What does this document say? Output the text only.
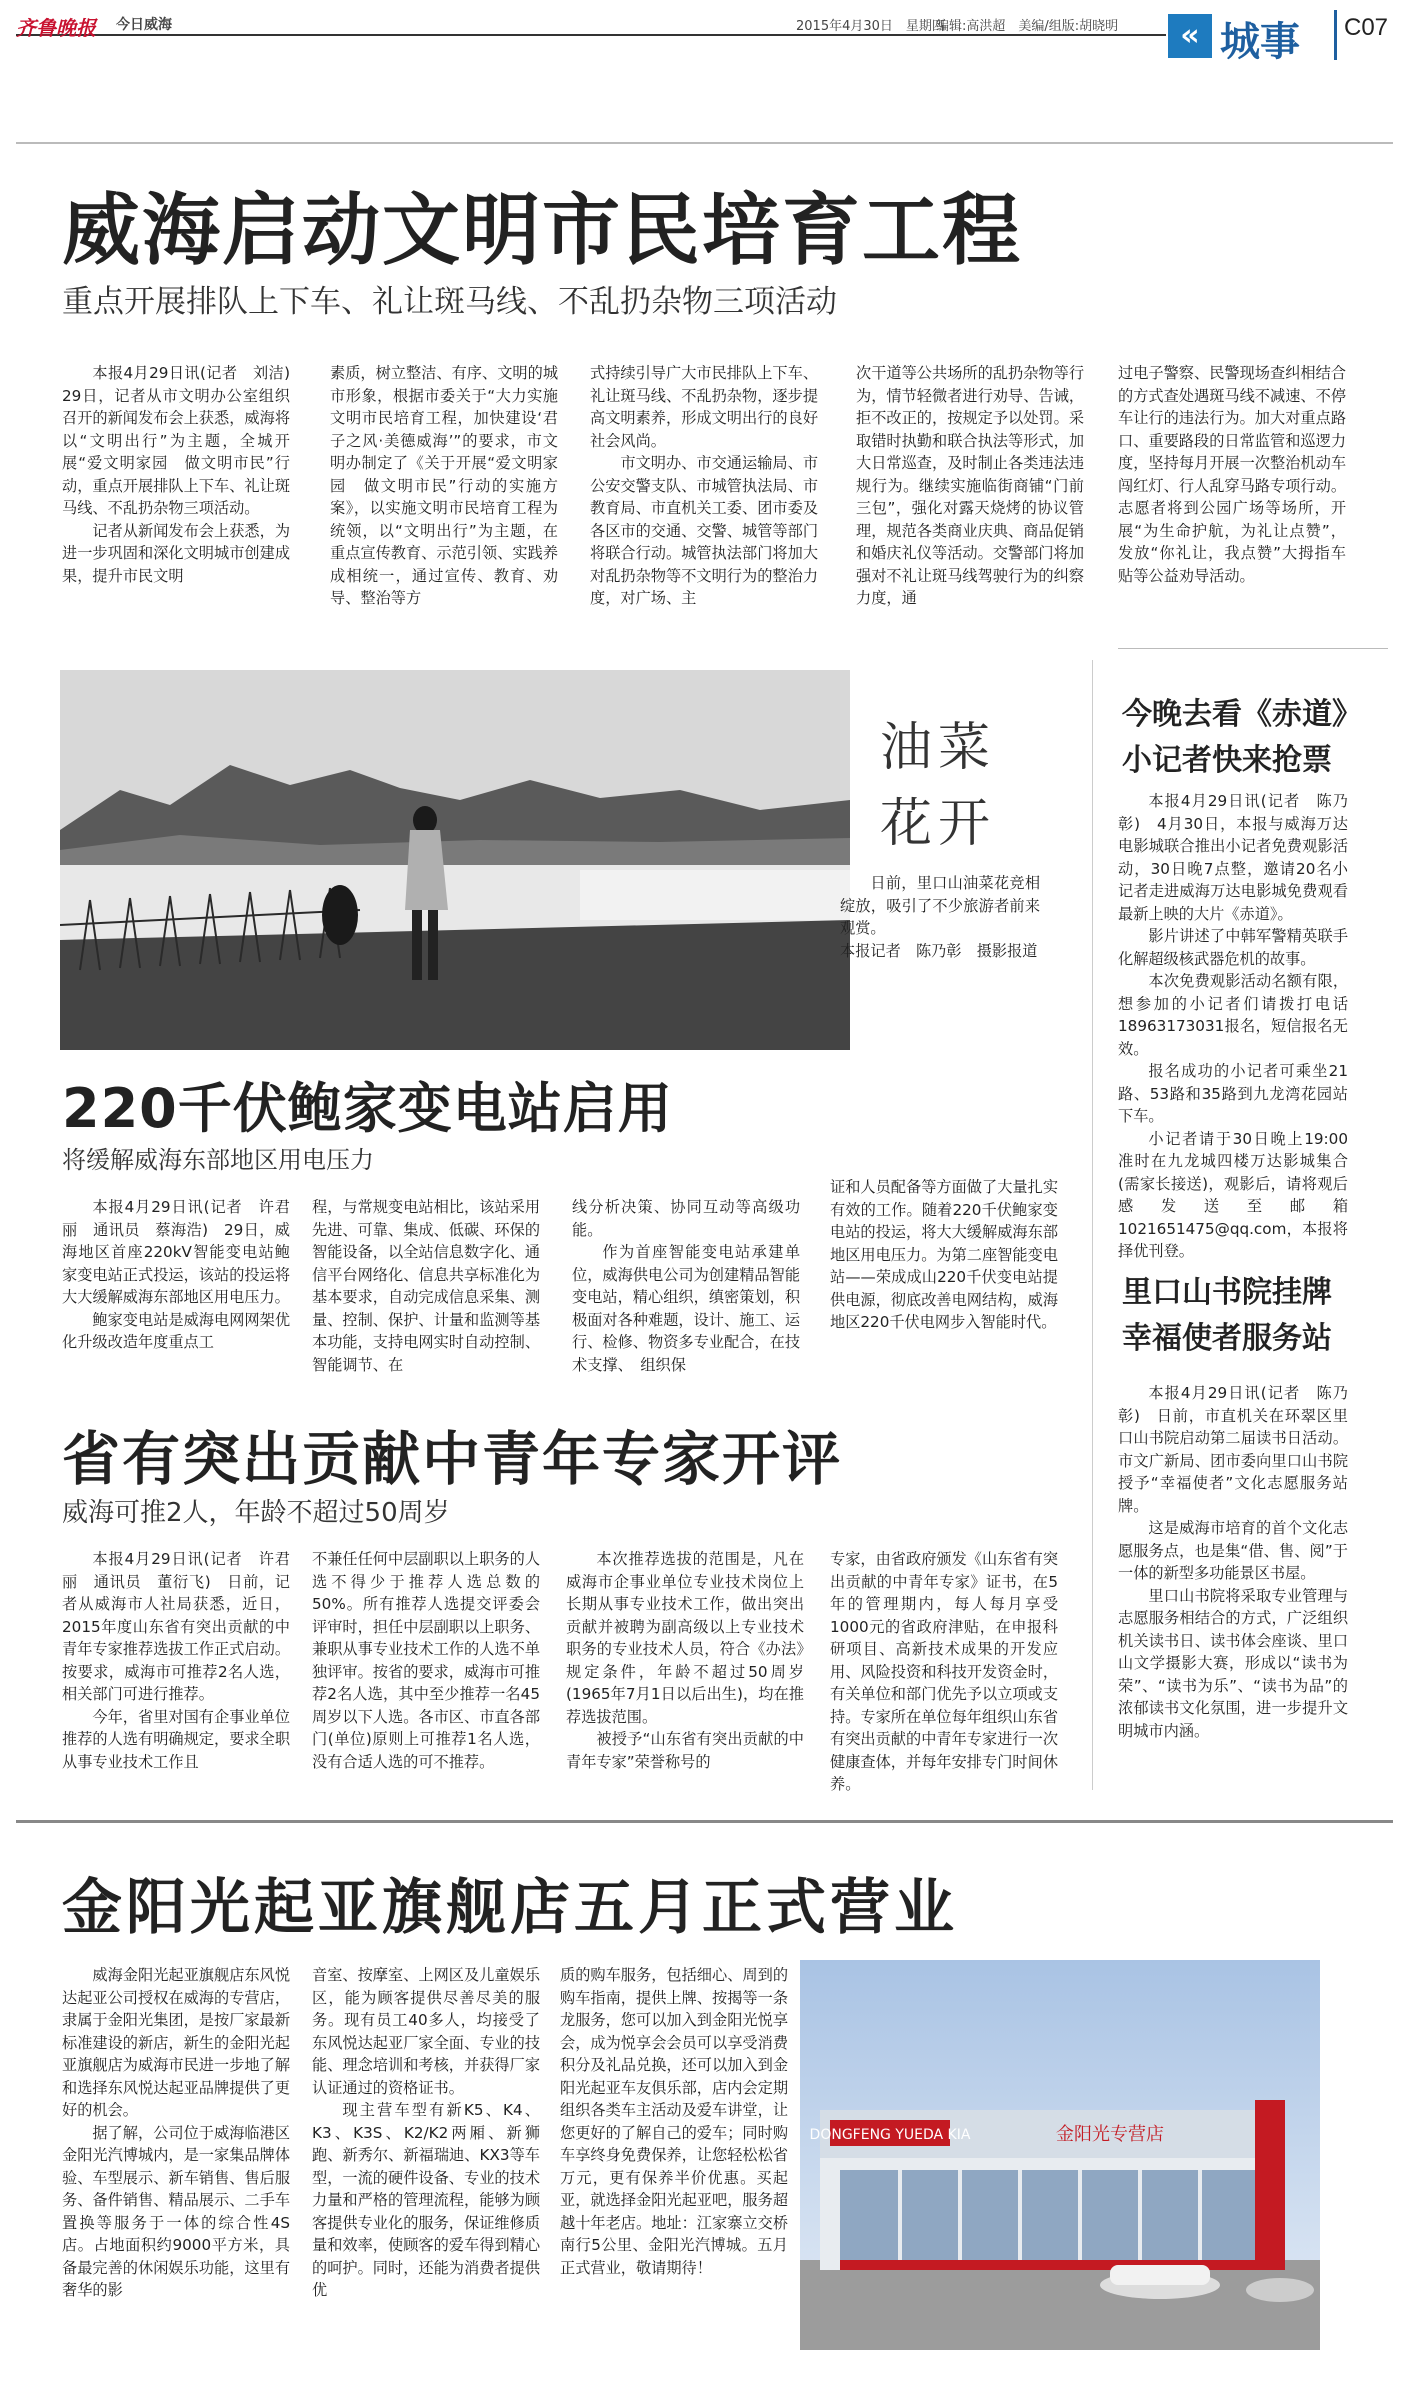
齐鲁晚报 今日威海	2015年4月30日　星期四
编辑:高洪超　美编/组版:胡晓明	« 城事 C07
威海启动文明市民培育工程
重点开展排队上下车、礼让斑马线、不乱扔杂物三项活动

本报4月29日讯(记者　刘洁)　29日，记者从市文明办公室组织召开的新闻发布会上获悉，威海将以“文明出行”为主题，全城开展“爱文明家园　做文明市民”行动，重点开展排队上下车、礼让斑马线、不乱扔杂物三项活动。

记者从新闻发布会上获悉，为进一步巩固和深化文明城市创建成果，提升市民文明

素质，树立整洁、有序、文明的城市形象，根据市委关于“大力实施文明市民培育工程，加快建设‘君子之风·美德威海’”的要求，市文明办制定了《关于开展“爱文明家园　做文明市民”行动的实施方案》，以实施文明市民培育工程为统领，以“文明出行”为主题，在重点宣传教育、示范引领、实践养成相统一，通过宣传、教育、劝导、整治等方

式持续引导广大市民排队上下车、礼让斑马线、不乱扔杂物，逐步提高文明素养，形成文明出行的良好社会风尚。

市文明办、市交通运输局、市公安交警支队、市城管执法局、市教育局、市直机关工委、团市委及各区市的交通、交警、城管等部门将联合行动。城管执法部门将加大对乱扔杂物等不文明行为的整治力度，对广场、主

次干道等公共场所的乱扔杂物等行为，情节轻微者进行劝导、告诫，拒不改正的，按规定予以处罚。采取错时执勤和联合执法等形式，加大日常巡查，及时制止各类违法违规行为。继续实施临街商铺“门前三包”，强化对露天烧烤的协议管理，规范各类商业庆典、商品促销和婚庆礼仪等活动。交警部门将加强对不礼让斑马线驾驶行为的纠察力度，通

过电子警察、民警现场查纠相结合的方式查处遇斑马线不减速、不停车让行的违法行为。加大对重点路口、重要路段的日常监管和巡逻力度，坚持每月开展一次整治机动车闯红灯、行人乱穿马路专项行动。志愿者将到公园广场等场所，开展“为生命护航，为礼让点赞”，发放“你礼让，我点赞”大拇指车贴等公益劝导活动。

油菜
花开

日前，里口山油菜花竞相绽放，吸引了不少旅游者前来观赏。

本报记者　陈乃彰　摄影报道

今晚去看《赤道》
小记者快来抢票

本报4月29日讯(记者　陈乃彰)　4月30日，本报与威海万达电影城联合推出小记者免费观影活动，30日晚7点整，邀请20名小记者走进威海万达电影城免费观看最新上映的大片《赤道》。

影片讲述了中韩军警精英联手化解超级核武器危机的故事。

本次免费观影活动名额有限，想参加的小记者们请拨打电话18963173031报名，短信报名无效。

报名成功的小记者可乘坐21路、53路和35路到九龙湾花园站下车。

小记者请于30日晚上19:00准时在九龙城四楼万达影城集合(需家长接送)，观影后，请将观后感发送至邮箱1021651475@qq.com，本报将择优刊登。

220千伏鲍家变电站启用
将缓解威海东部地区用电压力

本报4月29日讯(记者　许君丽　通讯员　蔡海浩)　29日，威海地区首座220kV智能变电站鲍家变电站正式投运，该站的投运将大大缓解威海东部地区用电压力。

鲍家变电站是威海电网网架优化升级改造年度重点工

程，与常规变电站相比，该站采用先进、可靠、集成、低碳、环保的智能设备，以全站信息数字化、通信平台网络化、信息共享标准化为基本要求，自动完成信息采集、测量、控制、保护、计量和监测等基本功能，支持电网实时自动控制、智能调节、在

线分析决策、协同互动等高级功能。

作为首座智能变电站承建单位，威海供电公司为创建精品智能变电站，精心组织，缜密策划，积极面对各种难题，设计、施工、运行、检修、物资多专业配合，在技术支撑、　组织保

证和人员配备等方面做了大量扎实有效的工作。随着220千伏鲍家变电站的投运，将大大缓解威海东部地区用电压力。为第二座智能变电站——荣成成山220千伏变电站提供电源，彻底改善电网结构，威海地区220千伏电网步入智能时代。

里口山书院挂牌
幸福使者服务站

本报4月29日讯(记者　陈乃彰)　日前，市直机关在环翠区里口山书院启动第二届读书日活动。市文广新局、团市委向里口山书院授予“幸福使者”文化志愿服务站牌。

这是威海市培育的首个文化志愿服务点，也是集“借、售、阅”于一体的新型多功能景区书屋。

里口山书院将采取专业管理与志愿服务相结合的方式，广泛组织机关读书日、读书体会座谈、里口山文学摄影大赛，形成以“读书为荣”、“读书为乐”、“读书为品”的浓郁读书文化氛围，进一步提升文明城市内涵。

省有突出贡献中青年专家开评
威海可推2人，年龄不超过50周岁

本报4月29日讯(记者　许君丽　通讯员　董衍飞)　日前，记者从威海市人社局获悉，近日，2015年度山东省有突出贡献的中青年专家推荐选拔工作正式启动。按要求，威海市可推荐2名人选，相关部门可进行推荐。

今年，省里对国有企事业单位推荐的人选有明确规定，要求全职从事专业技术工作且

不兼任任何中层副职以上职务的人选不得少于推荐人选总数的50%。所有推荐人选提交评委会评审时，担任中层副职以上职务、兼职从事专业技术工作的人选不单独评审。按省的要求，威海市可推荐2名人选，其中至少推荐一名45周岁以下人选。各市区、市直各部门(单位)原则上可推荐1名人选，没有合适人选的可不推荐。

本次推荐选拔的范围是，凡在威海市企事业单位专业技术岗位上长期从事专业技术工作，做出突出贡献并被聘为副高级以上专业技术职务的专业技术人员，符合《办法》规定条件，年龄不超过50周岁(1965年7月1日以后出生)，均在推荐选拔范围。

被授予“山东省有突出贡献的中青年专家”荣誉称号的

专家，由省政府颁发《山东省有突出贡献的中青年专家》证书，在5年的管理期内，每人每月享受1000元的省政府津贴，在申报科研项目、高新技术成果的开发应用、风险投资和科技开发资金时，有关单位和部门优先予以立项或支持。专家所在单位每年组织山东省有突出贡献的中青年专家进行一次健康查体，并每年安排专门时间休养。

金阳光起亚旗舰店五月正式营业

威海金阳光起亚旗舰店东风悦达起亚公司授权在威海的专营店，隶属于金阳光集团，是按厂家最新标准建设的新店，新生的金阳光起亚旗舰店为威海市民进一步地了解和选择东风悦达起亚品牌提供了更好的机会。

据了解，公司位于威海临港区金阳光汽博城内，是一家集品牌体验、车型展示、新车销售、售后服务、备件销售、精品展示、二手车置换等服务于一体的综合性4S店。占地面积约9000平方米，具备最完善的休闲娱乐功能，这里有奢华的影

音室、按摩室、上网区及儿童娱乐区，能为顾客提供尽善尽美的服务。现有员工40多人，均接受了东风悦达起亚厂家全面、专业的技能、理念培训和考核，并获得厂家认证通过的资格证书。

现主营车型有新K5、K4、K3、K3S、K2/K2两厢、新狮跑、新秀尔、新福瑞迪、KX3等车型，一流的硬件设备、专业的技术力量和严格的管理流程，能够为顾客提供专业化的服务，保证维修质量和效率，使顾客的爱车得到精心的呵护。同时，还能为消费者提供优

质的购车服务，包括细心、周到的购车指南，提供上牌、按揭等一条龙服务，您可以加入到金阳光悦享会，成为悦享会会员可以享受消费积分及礼品兑换，还可以加入到金阳光起亚车友俱乐部，店内会定期组织各类车主活动及爱车讲堂，让您更好的了解自己的爱车；同时购车享终身免费保养，让您轻松松省万元，更有保养半价优惠。买起亚，就选择金阳光起亚吧，服务超越十年老店。地址：江家寨立交桥南行5公里、金阳光汽博城。五月正式营业，敬请期待！

DONGFENG YUEDA KIA	金阳光专营店
